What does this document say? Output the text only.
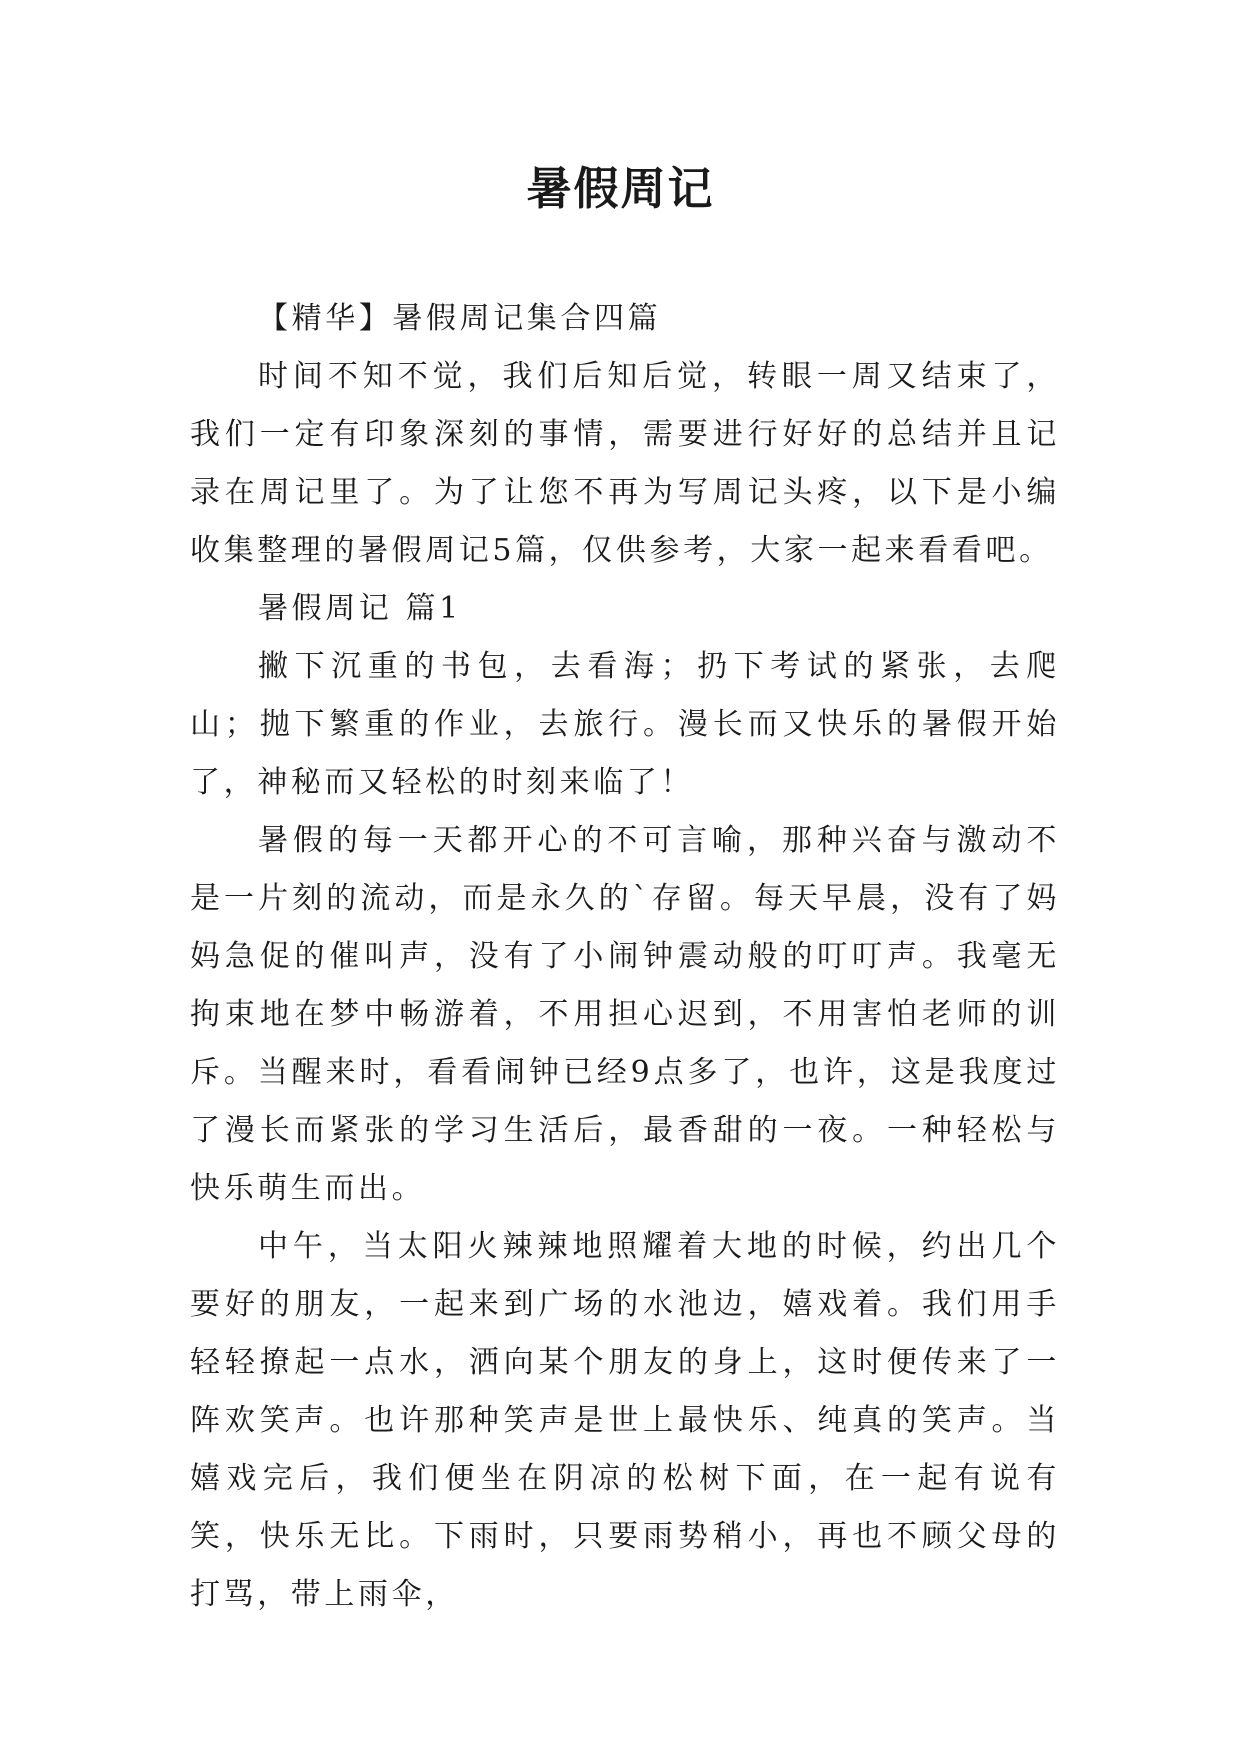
暑假周记

【精华】暑假周记集合四篇

时间不知不觉，我们后知后觉，转眼一周又结束了，我们一定有印象深刻的事情，需要进行好好的总结并且记录在周记里了。为了让您不再为写周记头疼，以下是小编收集整理的暑假周记5篇，仅供参考，大家一起来看看吧。

暑假周记 篇1

撇下沉重的书包，去看海；扔下考试的紧张，去爬山；抛下繁重的作业，去旅行。漫长而又快乐的暑假开始了，神秘而又轻松的时刻来临了！

暑假的每一天都开心的不可言喻，那种兴奋与激动不是一片刻的流动，而是永久的`存留。每天早晨，没有了妈妈急促的催叫声，没有了小闹钟震动般的叮叮声。我毫无拘束地在梦中畅游着，不用担心迟到，不用害怕老师的训斥。当醒来时，看看闹钟已经9点多了，也许，这是我度过了漫长而紧张的学习生活后，最香甜的一夜。一种轻松与快乐萌生而出。

中午，当太阳火辣辣地照耀着大地的时候，约出几个要好的朋友，一起来到广场的水池边，嬉戏着。我们用手轻轻撩起一点水，洒向某个朋友的身上，这时便传来了一阵欢笑声。也许那种笑声是世上最快乐、纯真的笑声。当嬉戏完后，我们便坐在阴凉的松树下面，在一起有说有笑，快乐无比。下雨时，只要雨势稍小，再也不顾父母的打骂，带上雨伞，
